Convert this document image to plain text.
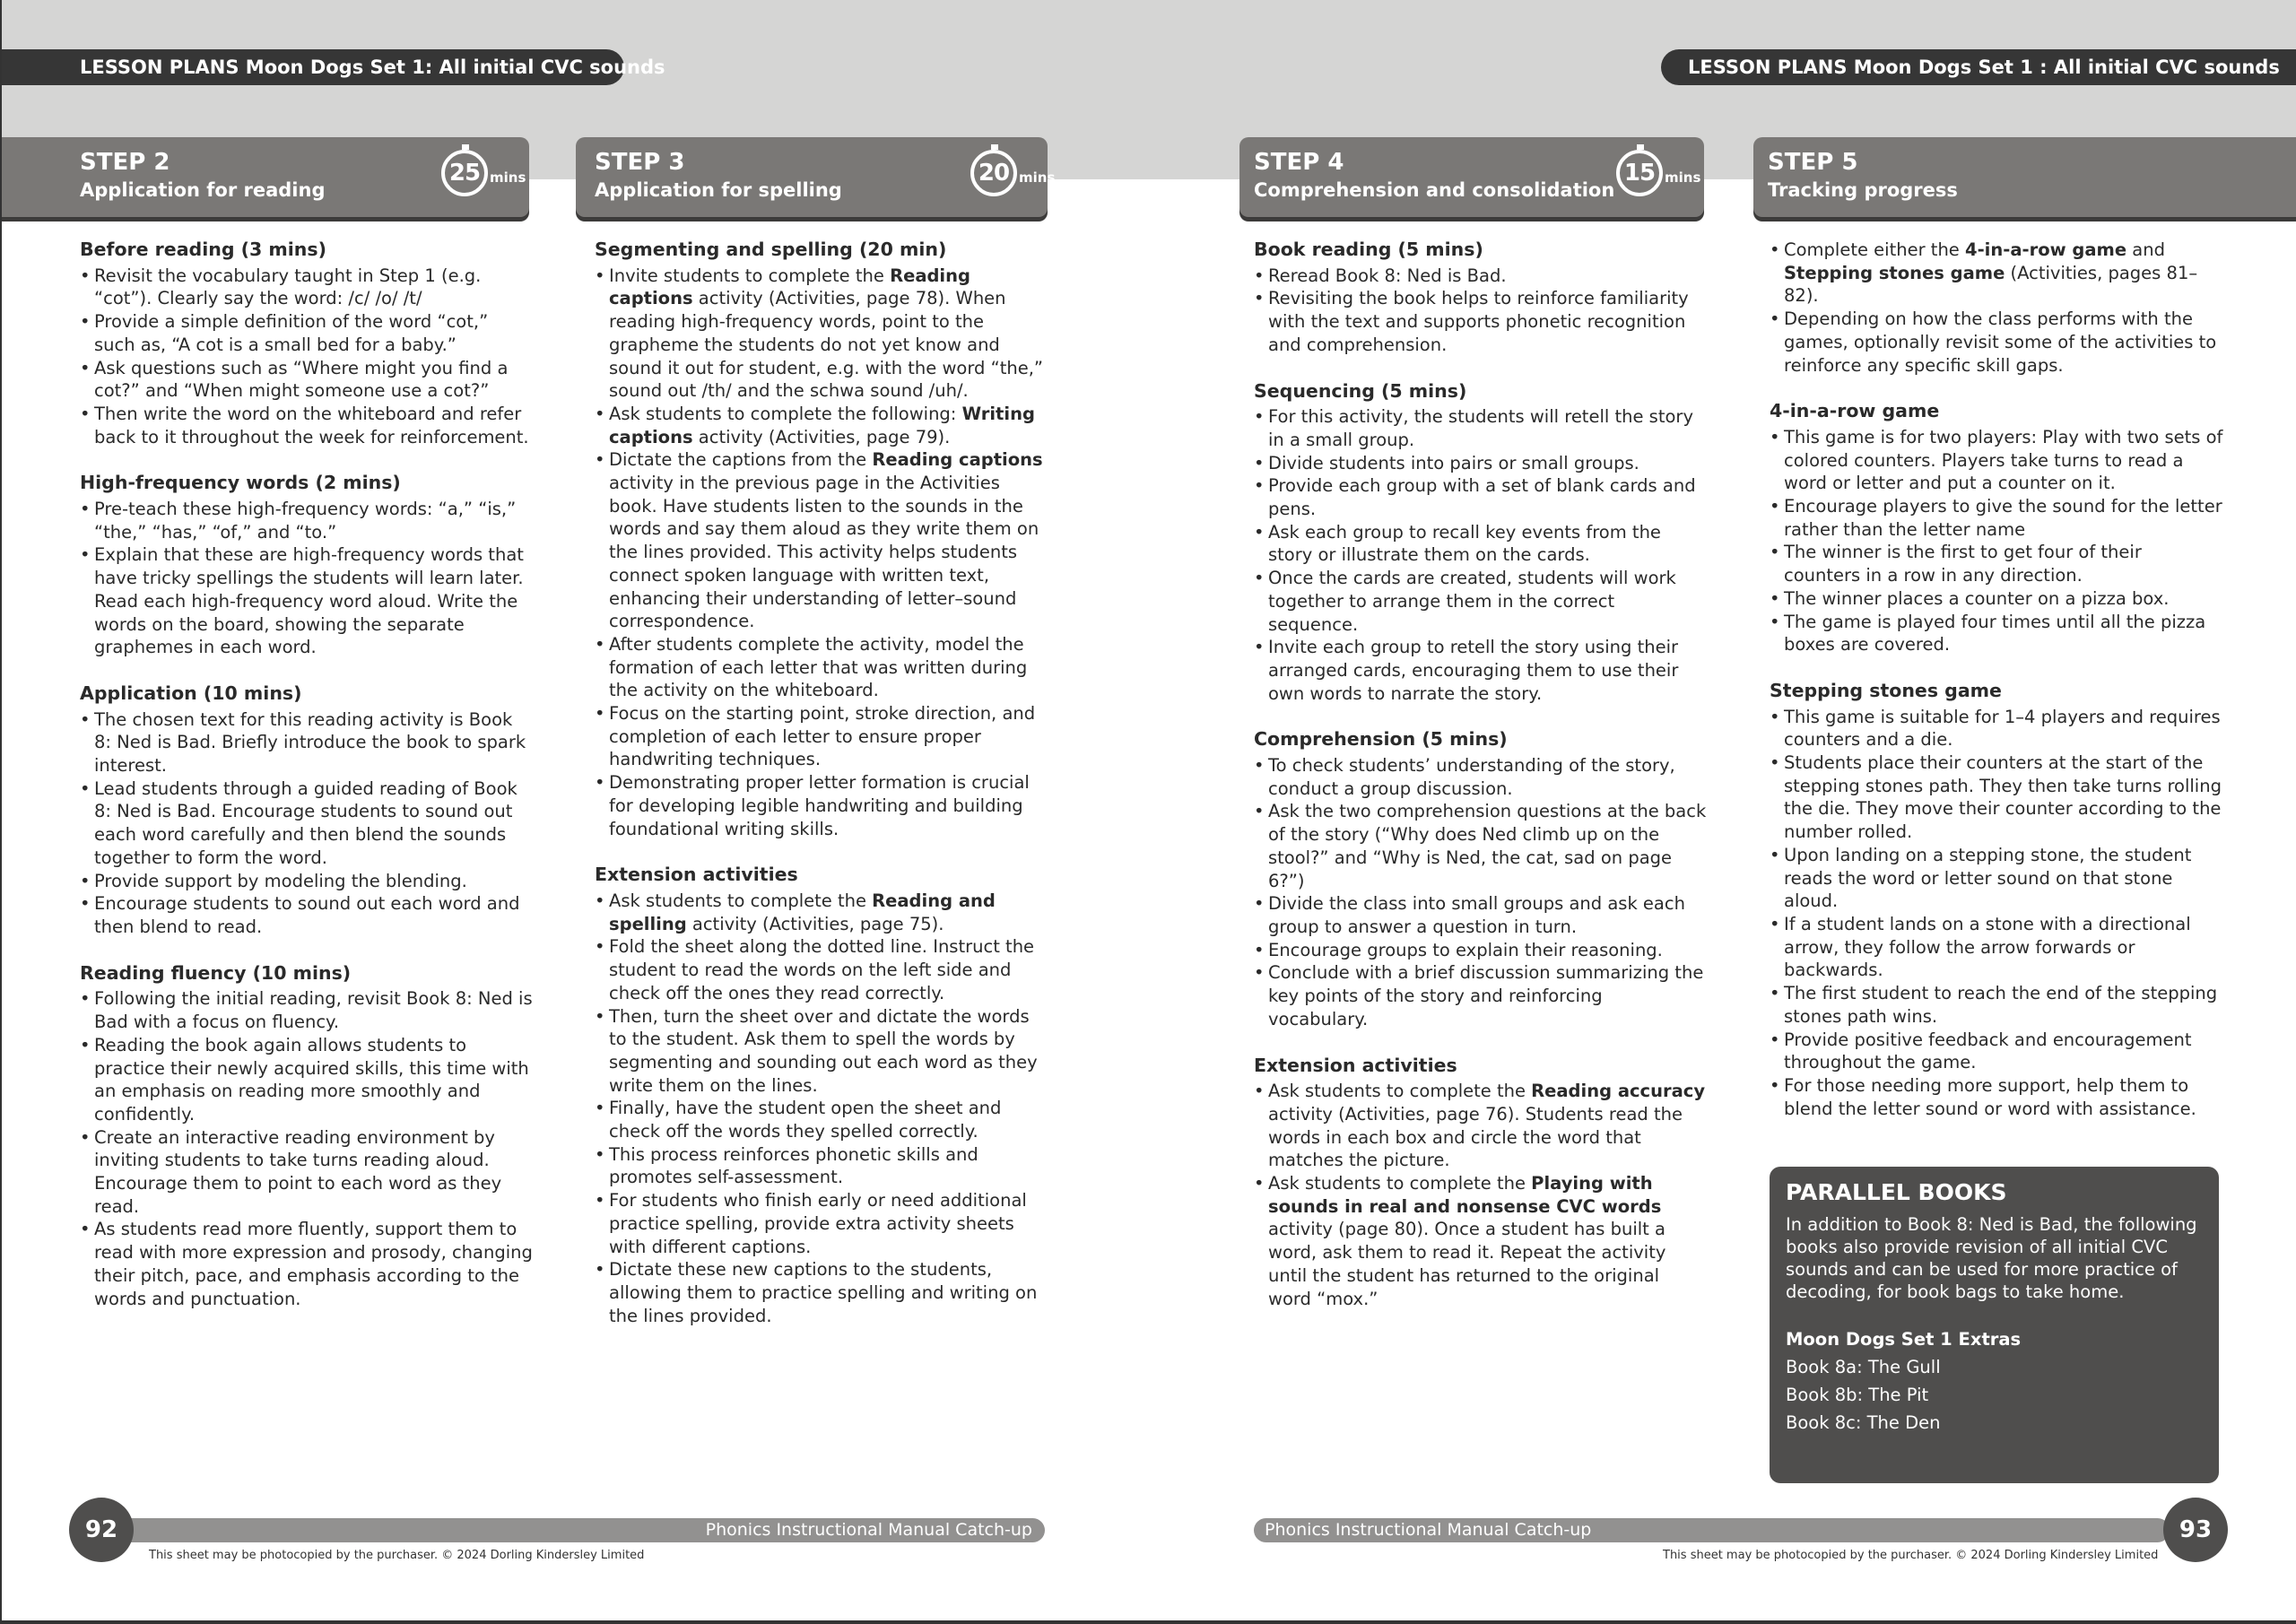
LESSON PLANS Moon Dogs Set 1: All initial CVC sounds	LESSON PLANS Moon Dogs Set 1 : All initial CVC sounds
STEP 2
Application for reading
25 mins
STEP 3
Application for spelling
20 mins
STEP 4
Comprehension and consolidation
15 mins
STEP 5
Tracking progress
Before reading (3 mins)
• Revisit the vocabulary taught in Step 1 (e.g. “cot”). Clearly say the word: /c/ /o/ /t/
• Provide a simple definition of the word “cot,” such as, “A cot is a small bed for a baby.”
• Ask questions such as “Where might you find a cot?” and “When might someone use a cot?”
• Then write the word on the whiteboard and refer back to it throughout the week for reinforcement.
High-frequency words (2 mins)
• Pre-teach these high-frequency words: “a,” “is,” “the,” “has,” “of,” and “to.”
• Explain that these are high-frequency words that have tricky spellings the students will learn later. Read each high-frequency word aloud. Write the words on the board, showing the separate graphemes in each word.
Application (10 mins)
• The chosen text for this reading activity is Book 8: Ned is Bad. Briefly introduce the book to spark interest.
• Lead students through a guided reading of Book 8: Ned is Bad. Encourage students to sound out each word carefully and then blend the sounds together to form the word.
• Provide support by modeling the blending.
• Encourage students to sound out each word and then blend to read.
Reading fluency (10 mins)
• Following the initial reading, revisit Book 8: Ned is Bad with a focus on fluency.
• Reading the book again allows students to practice their newly acquired skills, this time with an emphasis on reading more smoothly and confidently.
• Create an interactive reading environment by inviting students to take turns reading aloud. Encourage them to point to each word as they read.
• As students read more fluently, support them to read with more expression and prosody, changing their pitch, pace, and emphasis according to the words and punctuation.
Segmenting and spelling (20 min)
• Invite students to complete the Reading captions activity (Activities, page 78). When reading high-frequency words, point to the grapheme the students do not yet know and sound it out for student, e.g. with the word “the,” sound out /th/ and the schwa sound /uh/.
• Ask students to complete the following: Writing captions activity (Activities, page 79).
• Dictate the captions from the Reading captions activity in the previous page in the Activities book. Have students listen to the sounds in the words and say them aloud as they write them on the lines provided. This activity helps students connect spoken language with written text, enhancing their understanding of letter–sound correspondence.
• After students complete the activity, model the formation of each letter that was written during the activity on the whiteboard.
• Focus on the starting point, stroke direction, and completion of each letter to ensure proper handwriting techniques.
• Demonstrating proper letter formation is crucial for developing legible handwriting and building foundational writing skills.
Extension activities
• Ask students to complete the Reading and spelling activity (Activities, page 75).
• Fold the sheet along the dotted line. Instruct the student to read the words on the left side and check off the ones they read correctly.
• Then, turn the sheet over and dictate the words to the student. Ask them to spell the words by segmenting and sounding out each word as they write them on the lines.
• Finally, have the student open the sheet and check off the words they spelled correctly.
• This process reinforces phonetic skills and promotes self-assessment.
• For students who finish early or need additional practice spelling, provide extra activity sheets with different captions.
• Dictate these new captions to the students, allowing them to practice spelling and writing on the lines provided.
Book reading (5 mins)
• Reread Book 8: Ned is Bad.
• Revisiting the book helps to reinforce familiarity with the text and supports phonetic recognition and comprehension.
Sequencing (5 mins)
• For this activity, the students will retell the story in a small group.
• Divide students into pairs or small groups.
• Provide each group with a set of blank cards and pens.
• Ask each group to recall key events from the story or illustrate them on the cards.
• Once the cards are created, students will work together to arrange them in the correct sequence.
• Invite each group to retell the story using their arranged cards, encouraging them to use their own words to narrate the story.
Comprehension (5 mins)
• To check students’ understanding of the story, conduct a group discussion.
• Ask the two comprehension questions at the back of the story (“Why does Ned climb up on the stool?” and “Why is Ned, the cat, sad on page 6?”)
• Divide the class into small groups and ask each group to answer a question in turn.
• Encourage groups to explain their reasoning.
• Conclude with a brief discussion summarizing the key points of the story and reinforcing vocabulary.
Extension activities
• Ask students to complete the Reading accuracy activity (Activities, page 76). Students read the words in each box and circle the word that matches the picture.
• Ask students to complete the Playing with sounds in real and nonsense CVC words activity (page 80). Once a student has built a word, ask them to read it. Repeat the activity until the student has returned to the original word “mox.”
• Complete either the 4-in-a-row game and Stepping stones game (Activities, pages 81–82).
• Depending on how the class performs with the games, optionally revisit some of the activities to reinforce any specific skill gaps.
4-in-a-row game
• This game is for two players: Play with two sets of colored counters. Players take turns to read a word or letter and put a counter on it.
• Encourage players to give the sound for the letter rather than the letter name
• The winner is the first to get four of their counters in a row in any direction.
• The winner places a counter on a pizza box.
• The game is played four times until all the pizza boxes are covered.
Stepping stones game
• This game is suitable for 1–4 players and requires counters and a die.
• Students place their counters at the start of the stepping stones path. They then take turns rolling the die. They move their counter according to the number rolled.
• Upon landing on a stepping stone, the student reads the word or letter sound on that stone aloud.
• If a student lands on a stone with a directional arrow, they follow the arrow forwards or backwards.
• The first student to reach the end of the stepping stones path wins.
• Provide positive feedback and encouragement throughout the game.
• For those needing more support, help them to blend the letter sound or word with assistance.
PARALLEL BOOKS

In addition to Book 8: Ned is Bad, the following books also provide revision of all initial CVC sounds and can be used for more practice of decoding, for book bags to take home.

Moon Dogs Set 1 Extras
Book 8a: The Gull
Book 8b: The Pit
Book 8c: The Den
Phonics Instructional Manual Catch-up	Phonics Instructional Manual Catch-up
92	93
This sheet may be photocopied by the purchaser. © 2024 Dorling Kindersley Limited	This sheet may be photocopied by the purchaser. © 2024 Dorling Kindersley Limited
